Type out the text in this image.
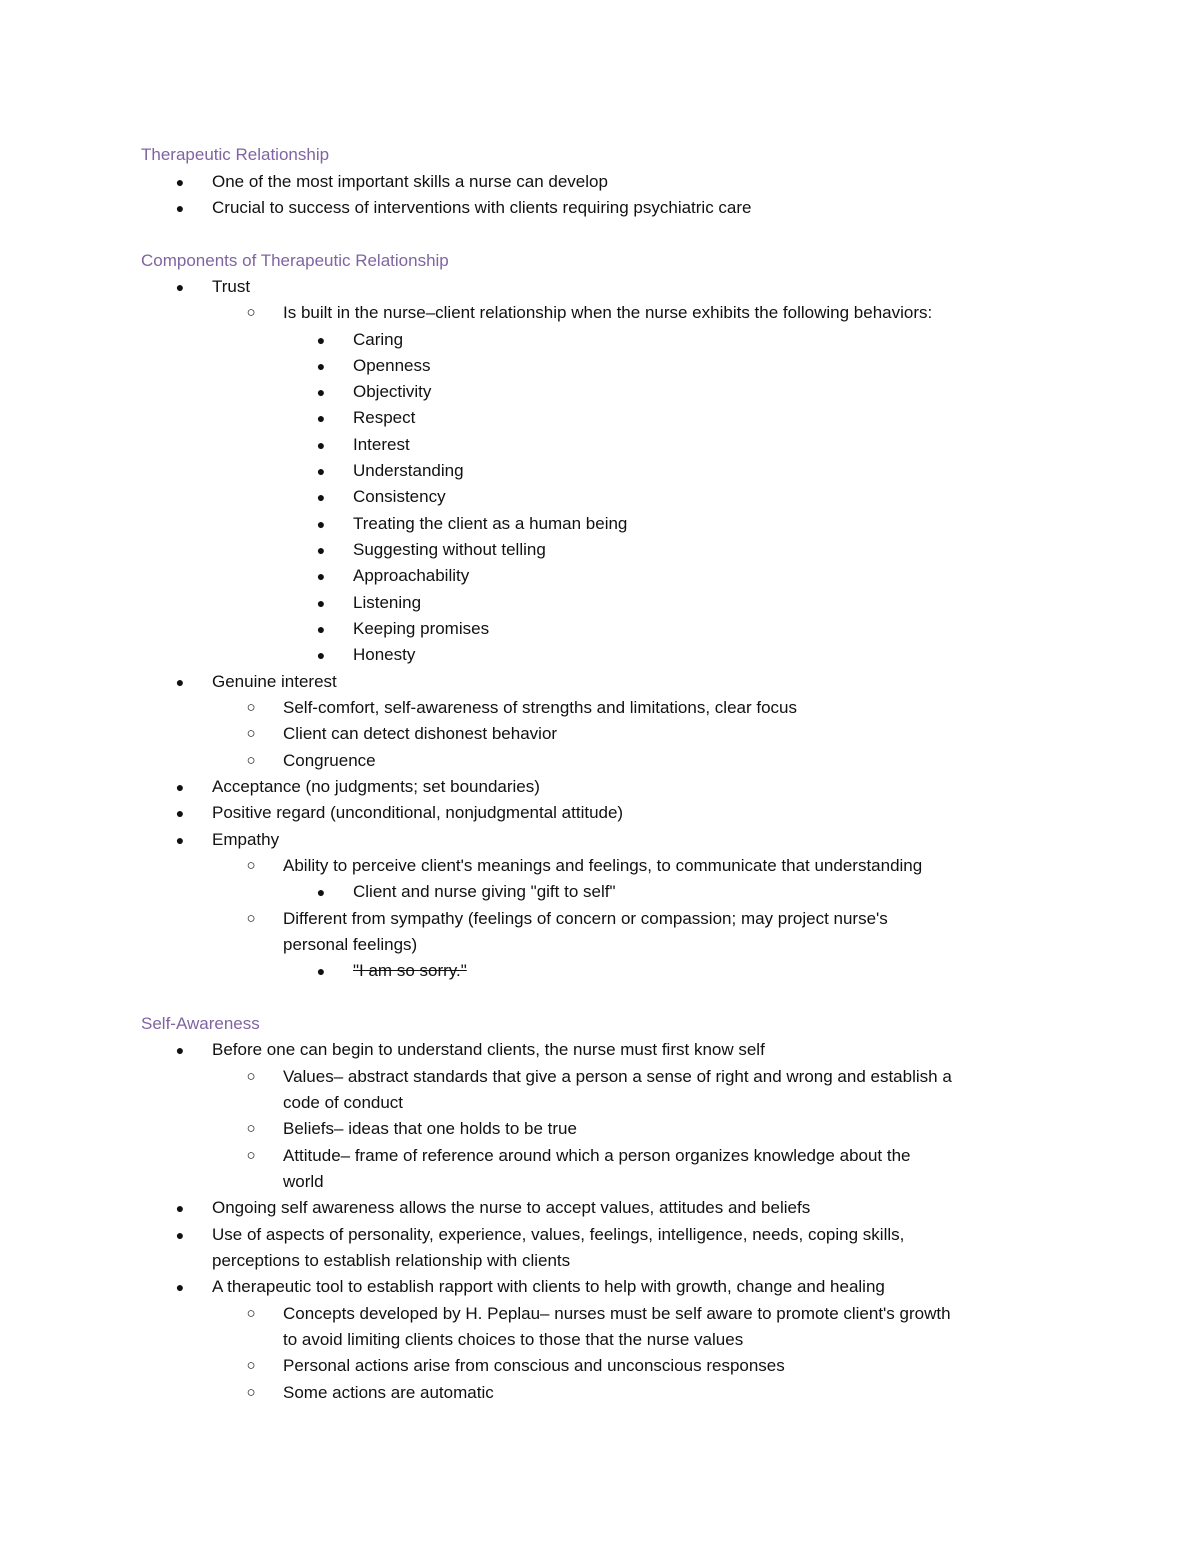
Therapeutic Relationship
●	One of the most important skills a nurse can develop
●	Crucial to success of interventions with clients requiring psychiatric care
Components of Therapeutic Relationship
●	Trust
○	Is built in the nurse–client relationship when the nurse exhibits the following behaviors:
●	Caring
●	Openness
●	Objectivity
●	Respect
●	Interest
●	Understanding
●	Consistency
●	Treating the client as a human being
●	Suggesting without telling
●	Approachability
●	Listening
●	Keeping promises
●	Honesty
●	Genuine interest
○	Self-comfort, self-awareness of strengths and limitations, clear focus
○	Client can detect dishonest behavior
○	Congruence
●	Acceptance (no judgments; set boundaries)
●	Positive regard (unconditional, nonjudgmental attitude)
●	Empathy
○	Ability to perceive client's meanings and feelings, to communicate that understanding
●	Client and nurse giving "gift to self"
○	Different from sympathy (feelings of concern or compassion; may project nurse's
personal feelings)
●	"I am so sorry."
Self-Awareness
●	Before one can begin to understand clients, the nurse must first know self
○	Values– abstract standards that give a person a sense of right and wrong and establish a
code of conduct
○	Beliefs– ideas that one holds to be true
○	Attitude– frame of reference around which a person organizes knowledge about the
world
●	Ongoing self awareness allows the nurse to accept values, attitudes and beliefs
●	Use of aspects of personality, experience, values, feelings, intelligence, needs, coping skills,
perceptions to establish relationship with clients
●	A therapeutic tool to establish rapport with clients to help with growth, change and healing
○	Concepts developed by H. Peplau– nurses must be self aware to promote client's growth
to avoid limiting clients choices to those that the nurse values
○	Personal actions arise from conscious and unconscious responses
○	Some actions are automatic
